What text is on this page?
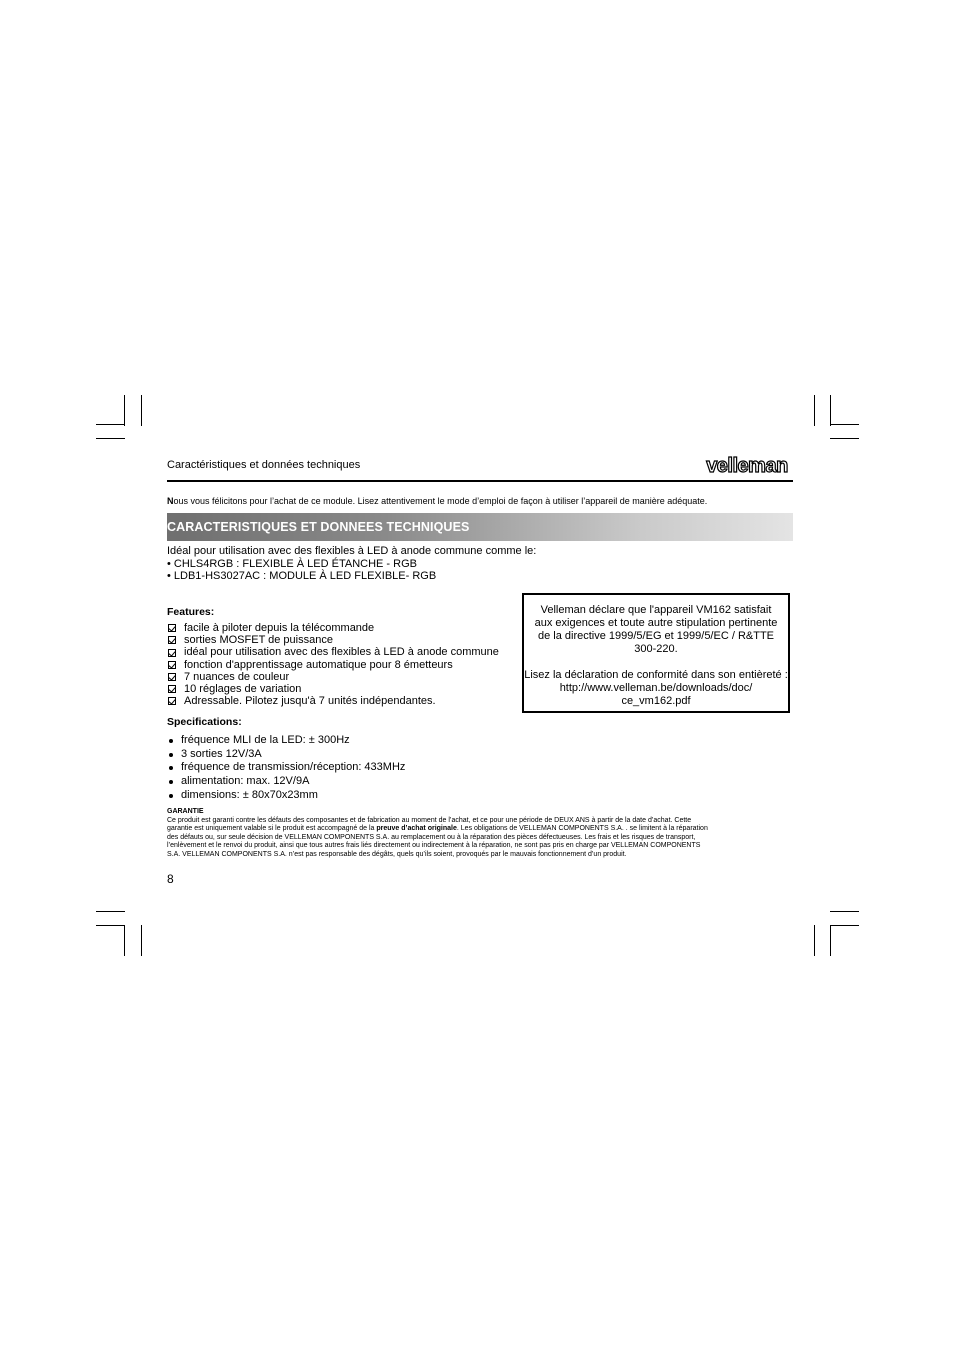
Caractéristiques et données techniques	velleman
Nous vous félicitons pour l’achat de ce module. Lisez attentivement le mode d’emploi de façon à utiliser l’appareil de manière adéquate.
CARACTERISTIQUES ET DONNEES TECHNIQUES
Idéal pour utilisation avec des flexibles à LED à anode commune comme le:
• CHLS4RGB : FLEXIBLE À LED ÉTANCHE - RGB
• LDB1-HS3027AC : MODULE À LED FLEXIBLE- RGB
Features:
facile à piloter depuis la télécommande
sorties MOSFET de puissance
idéal pour utilisation avec des flexibles à LED à anode commune
fonction d'apprentissage automatique pour 8 émetteurs
7 nuances de couleur
10 réglages de variation
Adressable. Pilotez jusqu'à 7 unités indépendantes.
Specifications:
fréquence MLI de la LED: ± 300Hz
3 sorties 12V/3A
fréquence de transmission/réception: 433MHz
alimentation: max. 12V/9A
dimensions: ± 80x70x23mm
Velleman déclare que l'appareil VM162 satisfait
aux exigences et toute autre stipulation pertinente
de la directive 1999/5/EG et 1999/5/EC / R&TTE
300-220.
Lisez la déclaration de conformité dans son entièreté :
http://www.velleman.be/downloads/doc/
ce_vm162.pdf
GARANTIE
Ce produit est garanti contre les défauts des composantes et de fabrication au moment de l’achat, et ce pour une période de DEUX ANS à partir de la date d’achat. Cette
garantie est uniquement valable si le produit est accompagné de la preuve d’achat originale. Les obligations de VELLEMAN COMPONENTS S.A. . se limitent à la réparation
des défauts ou, sur seule décision de VELLEMAN COMPONENTS S.A. au remplacement ou à la réparation des pièces défectueuses. Les frais et les risques de transport,
l’enlèvement et le renvoi du produit, ainsi que tous autres frais liés directement ou indirectement à la réparation, ne sont pas pris en charge par VELLEMAN COMPONENTS
S.A. VELLEMAN COMPONENTS S.A. n’est pas responsable des dégâts, quels qu’ils soient, provoqués par le mauvais fonctionnement d’un produit.
8
